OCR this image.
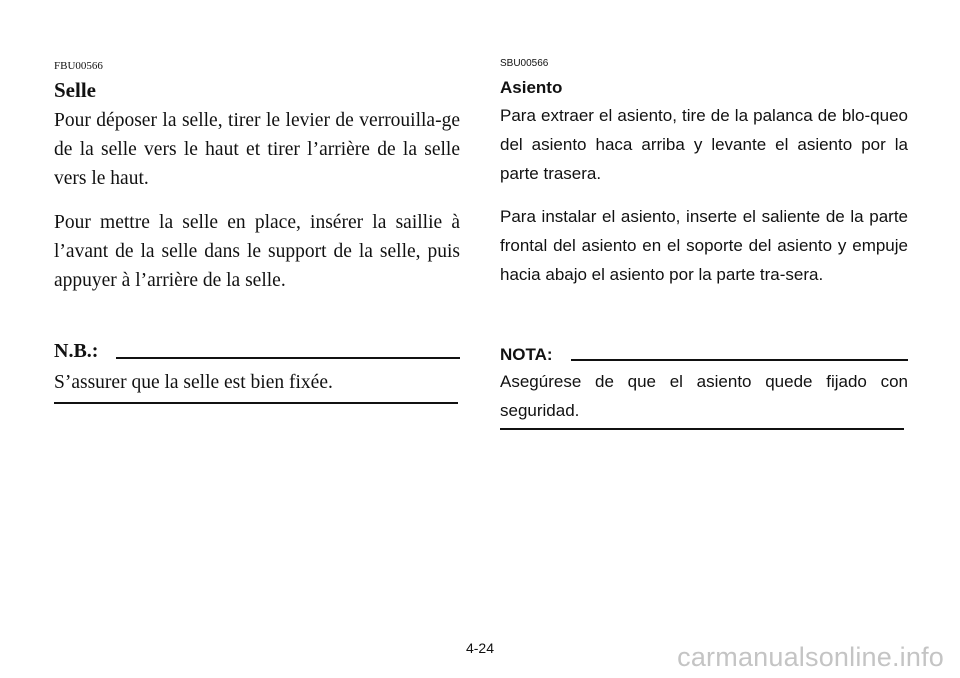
FBU00566
Selle

Pour déposer la selle, tirer le levier de verrouilla-ge de la selle vers le haut et tirer l’arrière de la selle vers le haut.

Pour mettre la selle en place, insérer la saillie à l’avant de la selle dans le support de la selle, puis appuyer à l’arrière de la selle.

N.B.:

S’assurer que la selle est bien fixée.

SBU00566
Asiento

Para extraer el asiento, tire de la palanca de blo-queo del asiento haca arriba y levante el asiento por la parte trasera.

Para instalar el asiento, inserte el saliente de la parte frontal del asiento en el soporte del asiento y empuje hacia abajo el asiento por la parte tra-sera.

NOTA:

Asegúrese de que el asiento quede fijado con seguridad.

4-24	carmanualsonline.info
